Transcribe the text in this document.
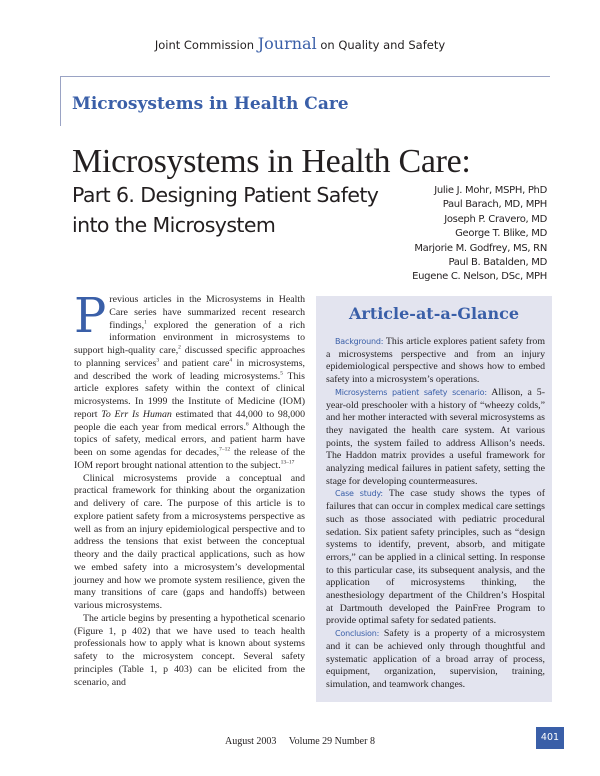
Joint Commission Journal on Quality and Safety
Microsystems in Health Care
Microsystems in Health Care:
Part 6. Designing Patient Safety
into the Microsystem
Julie J. Mohr, MSPH, PhD
Paul Barach, MD, MPH
Joseph P. Cravero, MD
George T. Blike, MD
Marjorie M. Godfrey, MS, RN
Paul B. Batalden, MD
Eugene C. Nelson, DSc, MPH

Previous articles in the Microsystems in Health Care series have summarized recent research findings,$^1$ explored the generation of a rich information environment in microsystems to support high-quality care,$^2$ discussed specific approaches to planning services$^3$ and patient care$^4$ in microsystems, and described the work of leading microsystems.$^5$ This article explores safety within the context of clinical microsystems. In 1999 the Institute of Medicine (IOM) report To Err Is Human estimated that 44,000 to 98,000 people die each year from medical errors.$^6$ Although the topics of safety, medical errors, and patient harm have been on some agendas for decades,$^{7-12}$ the release of the IOM report brought national attention to the subject.$^{13-17}$

Clinical microsystems provide a conceptual and practical framework for thinking about the organization and delivery of care. The purpose of this article is to explore patient safety from a microsystems perspective as well as from an injury epidemiological perspective and to address the tensions that exist between the conceptual theory and the daily practical applications, such as how we embed safety into a microsystem’s developmental journey and how we promote system resilience, given the many transitions of care (gaps and handoffs) between various microsystems.

The article begins by presenting a hypothetical scenario (Figure 1, p 402) that we have used to teach health professionals how to apply what is known about systems safety to the microsystem concept. Several safety principles (Table 1, p 403) can be elicited from the scenario, and

Article-at-a-Glance

Background: This article explores patient safety from a microsystems perspective and from an injury epidemiological perspective and shows how to embed safety into a microsystem’s operations.

Microsystems patient safety scenario: Allison, a 5-year-old preschooler with a history of “wheezy colds,” and her mother interacted with several microsystems as they navigated the health care system. At various points, the system failed to address Allison’s needs. The Haddon matrix provides a useful framework for analyzing medical failures in patient safety, setting the stage for developing countermeasures.

Case study: The case study shows the types of failures that can occur in complex medical care settings such as those associated with pediatric procedural sedation. Six patient safety principles, such as “design systems to identify, prevent, absorb, and mitigate errors,” can be applied in a clinical setting. In response to this particular case, its subsequent analysis, and the application of microsystems thinking, the anesthesiology department of the Children’s Hospital at Dartmouth developed the PainFree Program to provide optimal safety for sedated patients.

Conclusion: Safety is a property of a microsystem and it can be achieved only through thoughtful and systematic application of a broad array of process, equipment, organization, supervision, training, simulation, and teamwork changes.

August 2003     Volume 29 Number 8	401
